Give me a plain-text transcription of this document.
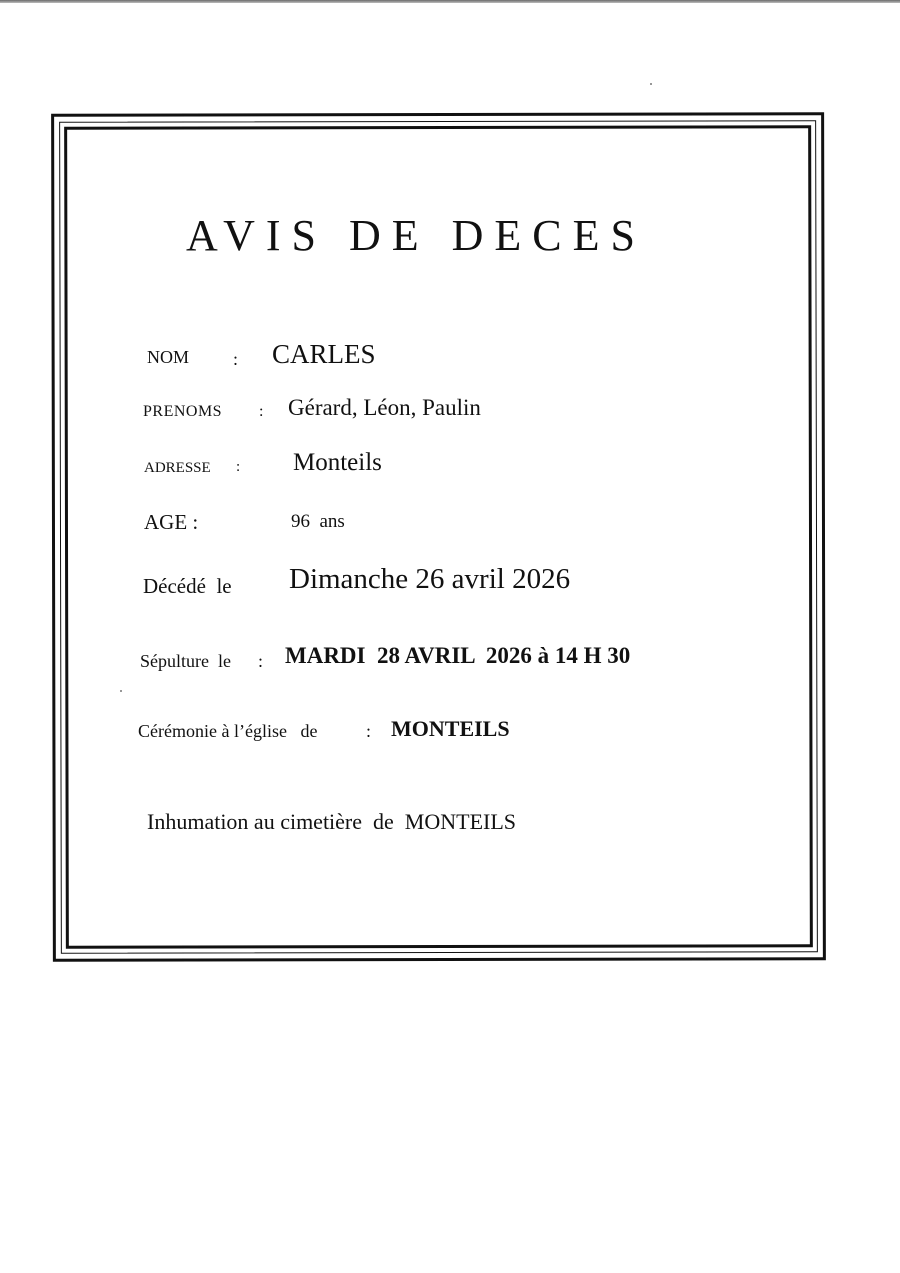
AVIS DE DECES
NOM : CARLES
PRENOMS : Gérard, Léon, Paulin
ADRESSE : Monteils
AGE :	96  ans
Décédé  le Dimanche 26 avril 2026
Sépulture  le : MARDI  28 AVRIL  2026 à 14 H 30
Cérémonie à l’église   de	: MONTEILS
Inhumation au cimetière  de  MONTEILS
